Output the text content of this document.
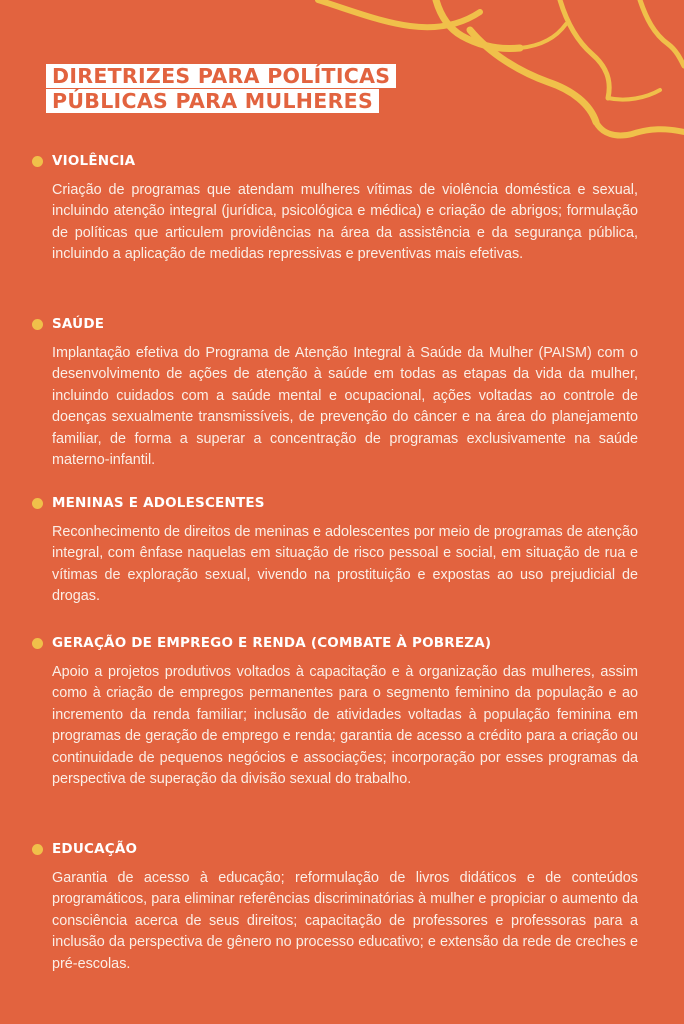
DIRETRIZES PARA POLÍTICAS
PÚBLICAS PARA MULHERES
VIOLÊNCIA

Criação de programas que atendam mulheres vítimas de violência doméstica e sexual, incluindo atenção integral (jurídica, psicológica e médica) e criação de abrigos; formulação de políticas que articulem providências na área da assistência e da segurança pública, incluindo a aplicação de medidas repressivas e preventivas mais efetivas.

SAÚDE

Implantação efetiva do Programa de Atenção Integral à Saúde da Mulher (PAISM) com o desenvolvimento de ações de atenção à saúde em todas as etapas da vida da mulher, incluindo cuidados com a saúde mental e ocupacional, ações voltadas ao controle de doenças sexualmente transmissíveis, de prevenção do câncer e na área do planejamento familiar, de forma a superar a concentração de programas exclusivamente na saúde materno-infantil.

MENINAS E ADOLESCENTES

Reconhecimento de direitos de meninas e adolescentes por meio de programas de atenção integral, com ênfase naquelas em situação de risco pessoal e social, em situação de rua e vítimas de exploração sexual, vivendo na prostituição e expostas ao uso prejudicial de drogas.

GERAÇÃO DE EMPREGO E RENDA (COMBATE À POBREZA)

Apoio a projetos produtivos voltados à capacitação e à organização das mulheres, assim como à criação de empregos permanentes para o segmento feminino da população e ao incremento da renda familiar; inclusão de atividades voltadas à população feminina em programas de geração de emprego e renda; garantia de acesso a crédito para a criação ou continuidade de pequenos negócios e associações; incorporação por esses programas da perspectiva de superação da divisão sexual do trabalho.

EDUCAÇÃO

Garantia de acesso à educação; reformulação de livros didáticos e de conteúdos programáticos, para eliminar referências discriminatórias à mulher e propiciar o aumento da consciência acerca de seus direitos; capacitação de professores e professoras para a inclusão da perspectiva de gênero no processo educativo; e extensão da rede de creches e pré-escolas.
